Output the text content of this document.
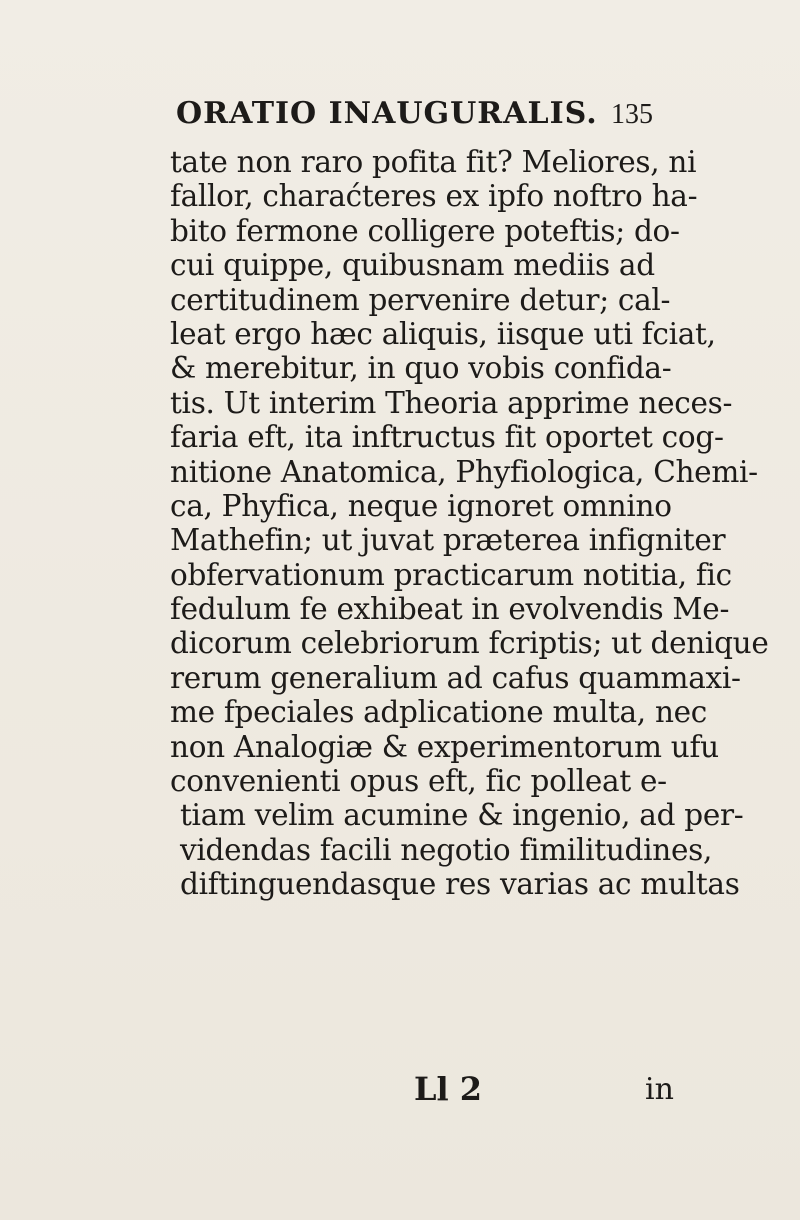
ORATIO INAUGURALIS. 135
tate non raro pofita fit? Meliores, ni
fallor, charaćteres ex ipfo noftro ha-
bito fermone colligere poteftis; do-
cui quippe, quibusnam mediis ad
certitudinem pervenire detur; cal-
leat ergo hæc aliquis, iisque uti fciat,
& merebitur, in quo vobis confida-
tis. Ut interim Theoria apprime neces-
faria eft, ita inftructus fit oportet cog-
nitione Anatomica, Phyfiologica, Chemi-
ca, Phyfica, neque ignoret omnino
Mathefin; ut juvat præterea infigniter
obfervationum practicarum notitia, fic
fedulum fe exhibeat in evolvendis Me-
dicorum celebriorum fcriptis; ut denique
rerum generalium ad cafus quammaxi-
me fpeciales adplicatione multa, nec
non Analogiæ & experimentorum ufu
convenienti opus eft, fic polleat e-
tiam velim acumine & ingenio, ad per-
videndas facili negotio fimilitudines,
diftinguendasque res varias ac multas
Ll 2	in
